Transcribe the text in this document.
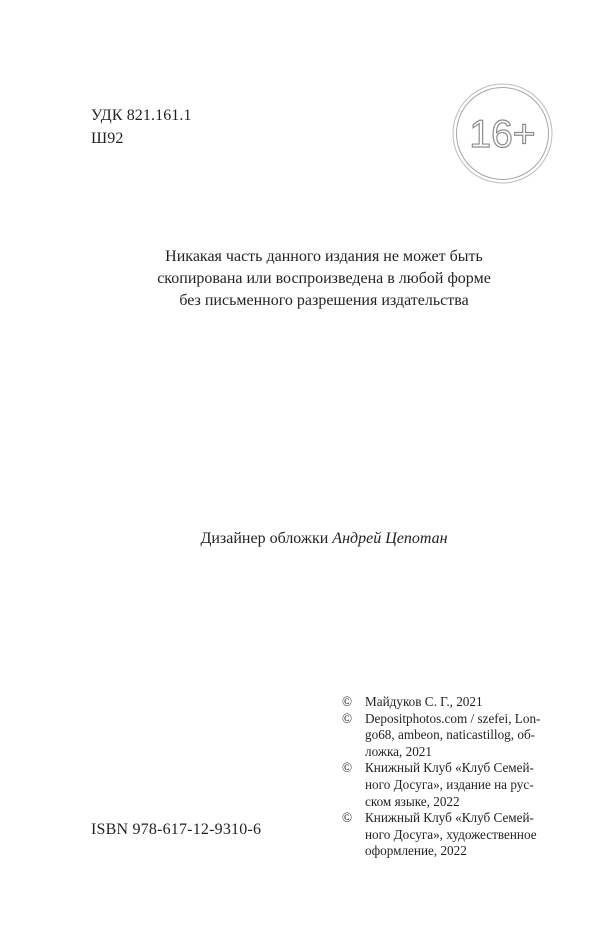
УДК 821.161.1
Ш92	16+
Никакая часть данного издания не может быть
скопирована или воспроизведена в любой форме
без письменного разрешения издательства
Дизайнер обложки Андрей Цепотан
© Майдуков С. Г., 2021
© Depositphotos.com / szefei, Lon-
go68, ambeon, naticastillog, об-
ложка, 2021
© Книжный Клуб «Клуб Семей-
ного Досуга», издание на рус-
ском языке, 2022
© Книжный Клуб «Клуб Семей-
ного Досуга», художественное
оформление, 2022
ISBN 978-617-12-9310-6
